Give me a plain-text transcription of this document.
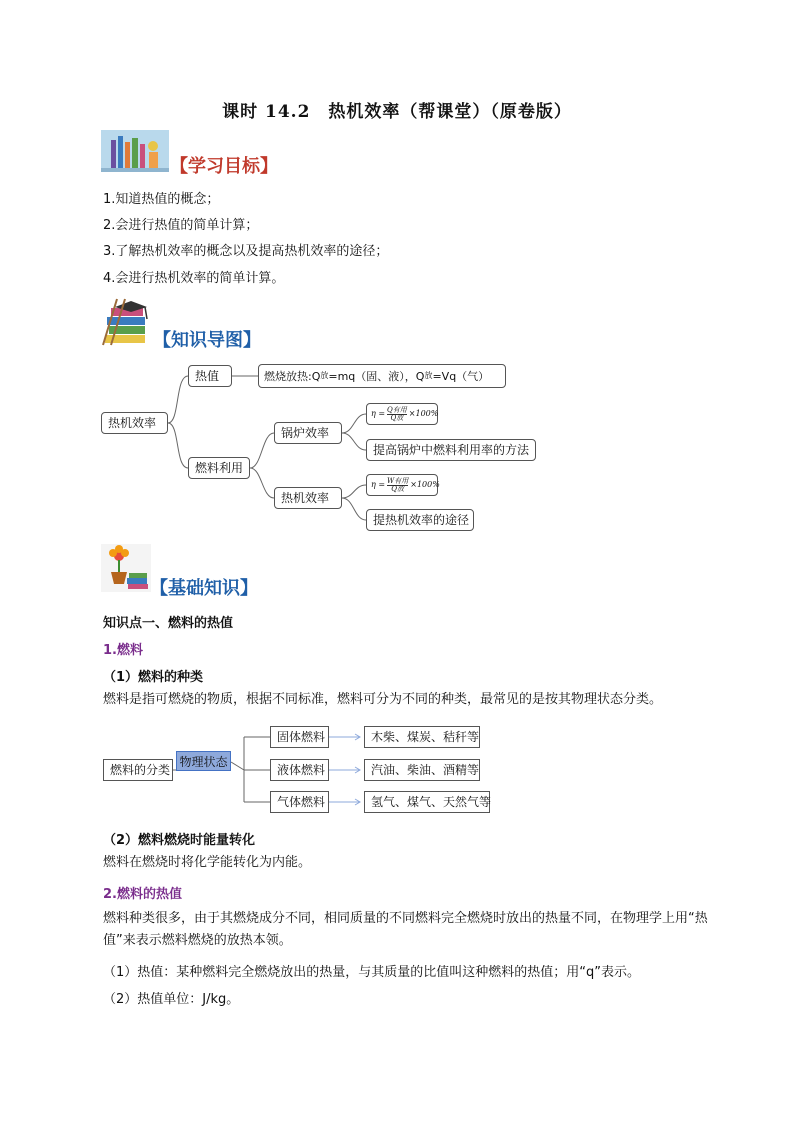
课时 14.2　热机效率（帮课堂）（原卷版）
【学习目标】
1.知道热值的概念；
2.会进行热值的简单计算；
3.了解热机效率的概念以及提高热机效率的途径；
4.会进行热机效率的简单计算。
【知识导图】
热机效率
热值	燃烧放热:Q 放 =mq（固、液），Q 放 =Vq（气）
燃料利用
锅炉效率
热机效率
η = Q有用
Q放 ×100%
提高锅炉中燃料利用率的方法
η = W有用
Q放 ×100%
提热机效率的途径
【基础知识】
知识点一、燃料的热值
1.燃料
（1）燃料的种类
燃料是指可燃烧的物质，根据不同标准，燃料可分为不同的种类，最常见的是按其物理状态分类。
燃料的分类
物理状态
固体燃料
液体燃料
气体燃料
木柴、煤炭、秸秆等
汽油、柴油、酒精等
氢气、煤气、天然气等
（2）燃料燃烧时能量转化
燃料在燃烧时将化学能转化为内能。
2.燃料的热值
燃料种类很多，由于其燃烧成分不同，相同质量的不同燃料完全燃烧时放出的热量不同，在物理学上用“热值”来表示燃料燃烧的放热本领。
（1）热值：某种燃料完全燃烧放出的热量，与其质量的比值叫这种燃料的热值；用“q”表示。
（2）热值单位：J/kg。
